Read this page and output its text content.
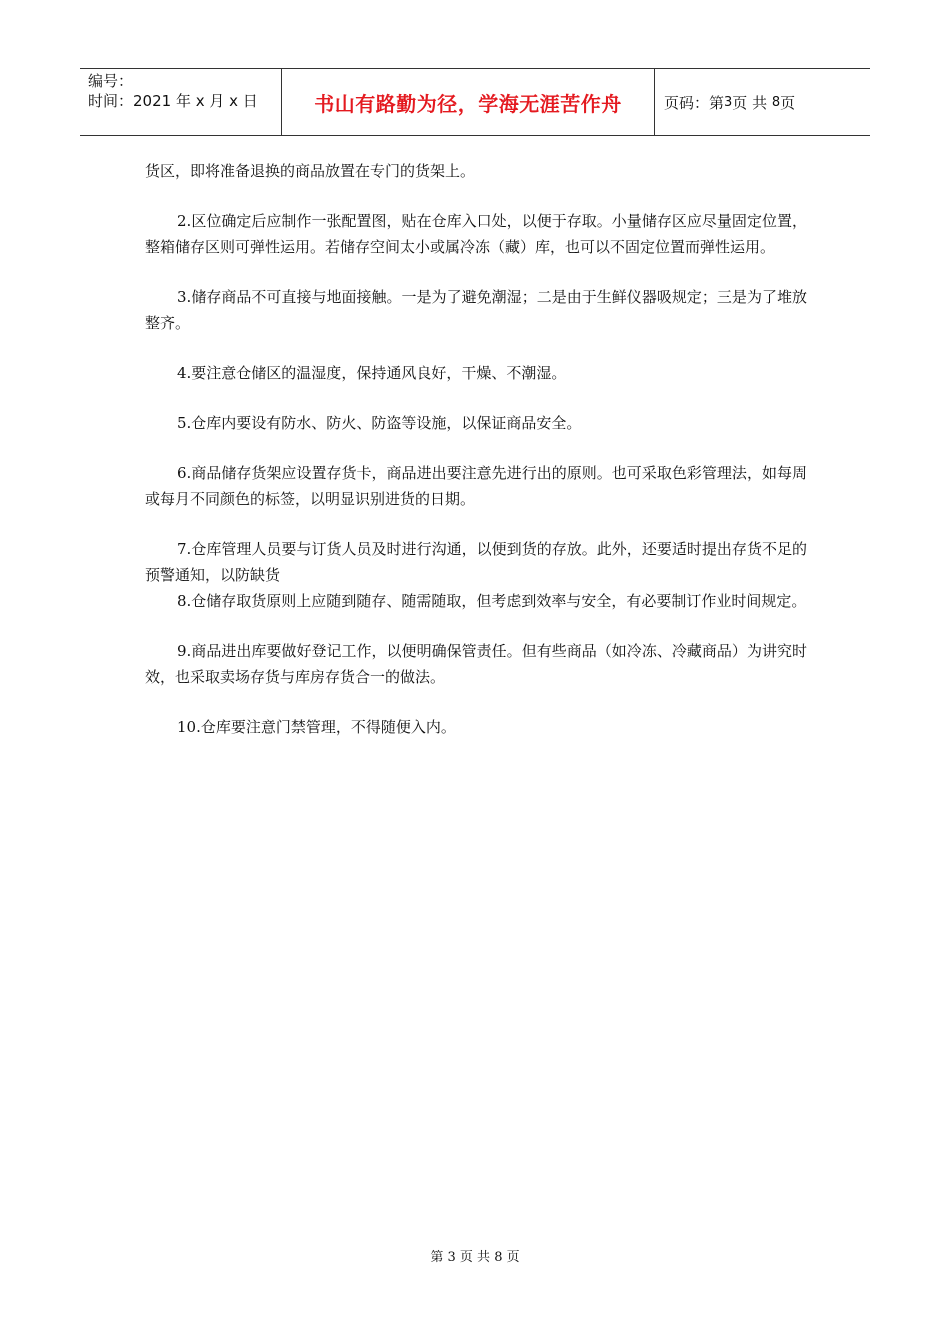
编号：
时间：2021 年 x 月 x 日	书山有路勤为径，学海无涯苦作舟	页码：第 3 页 共
8 页

货区，即将准备退换的商品放置在专门的货架上。

2.区位确定后应制作一张配置图，贴在仓库入口处，以便于存取。小量储存区应尽量固定位置，整箱储存区则可弹性运用。若储存空间太小或属冷冻（藏）库，也可以不固定位置而弹性运用。

3.储存商品不可直接与地面接触。一是为了避免潮湿；二是由于生鲜仪器吸规定；三是为了堆放整齐。

4.要注意仓储区的温湿度，保持通风良好，干燥、不潮湿。

5.仓库内要设有防水、防火、防盗等设施，以保证商品安全。

6.商品储存货架应设置存货卡，商品进出要注意先进行出的原则。也可采取色彩管理法，如每周或每月不同颜色的标签，以明显识别进货的日期。

7.仓库管理人员要与订货人员及时进行沟通，以便到货的存放。此外，还要适时提出存货不足的预警通知，以防缺货

8.仓储存取货原则上应随到随存、随需随取，但考虑到效率与安全，有必要制订作业时间规定。

9.商品进出库要做好登记工作，以便明确保管责任。但有些商品（如冷冻、冷藏商品）为讲究时效，也采取卖场存货与库房存货合一的做法。

10.仓库要注意门禁管理，不得随便入内。

第 3 页 共 8 页
